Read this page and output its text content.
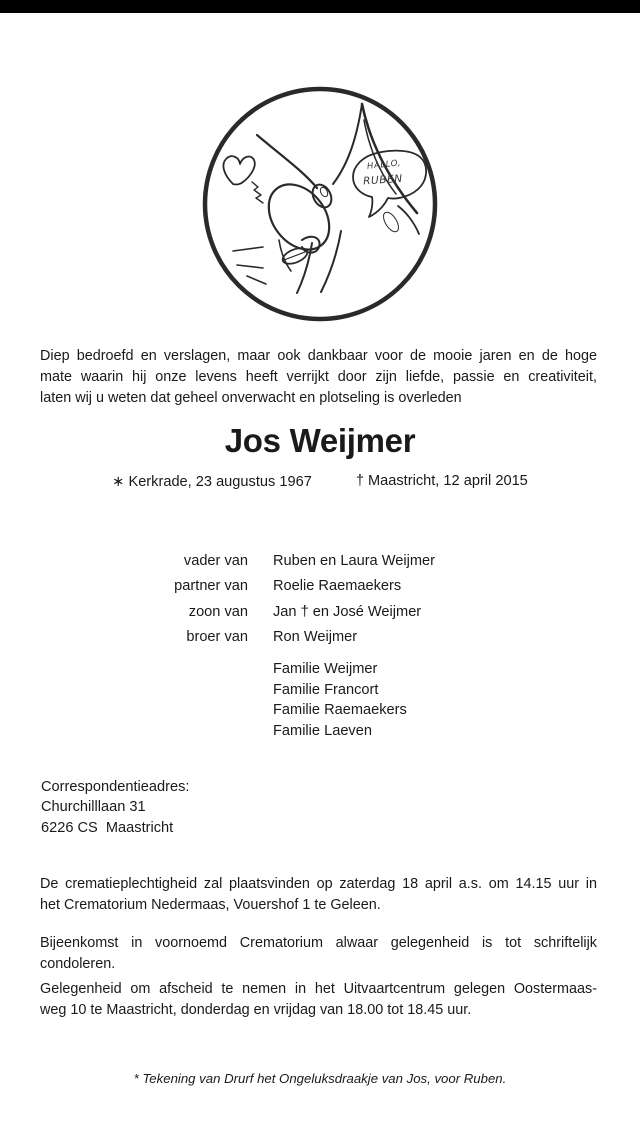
HALLO,
RUBEN
Diep bedroefd en verslagen, maar ook dankbaar voor de mooie jaren en de hoge
mate waarin hij onze levens heeft verrijkt door zijn liefde, passie en creativiteit,
laten wij u weten dat geheel onverwacht en plotseling is overleden
Jos Weijmer
∗ Kerkrade, 23 augustus 1967	† Maastricht, 12 april 2015
vader van Ruben en Laura Weijmer
partner van Roelie Raemaekers
zoon van Jan † en José Weijmer
broer van Ron Weijmer
Familie Weijmer
Familie Francort
Familie Raemaekers
Familie Laeven
Correspondentieadres:
Churchilllaan 31
6226 CS  Maastricht
De crematieplechtigheid zal plaatsvinden op zaterdag 18 april a.s. om 14.15 uur in
het Crematorium Nedermaas, Vouershof 1 te Geleen.
Bijeenkomst in voornoemd Crematorium alwaar gelegenheid is tot schriftelijk
condoleren.
Gelegenheid om afscheid te nemen in het Uitvaartcentrum gelegen Oostermaas-
weg 10 te Maastricht, donderdag en vrijdag van 18.00 tot 18.45 uur.
* Tekening van Drurf het Ongeluksdraakje van Jos, voor Ruben.
